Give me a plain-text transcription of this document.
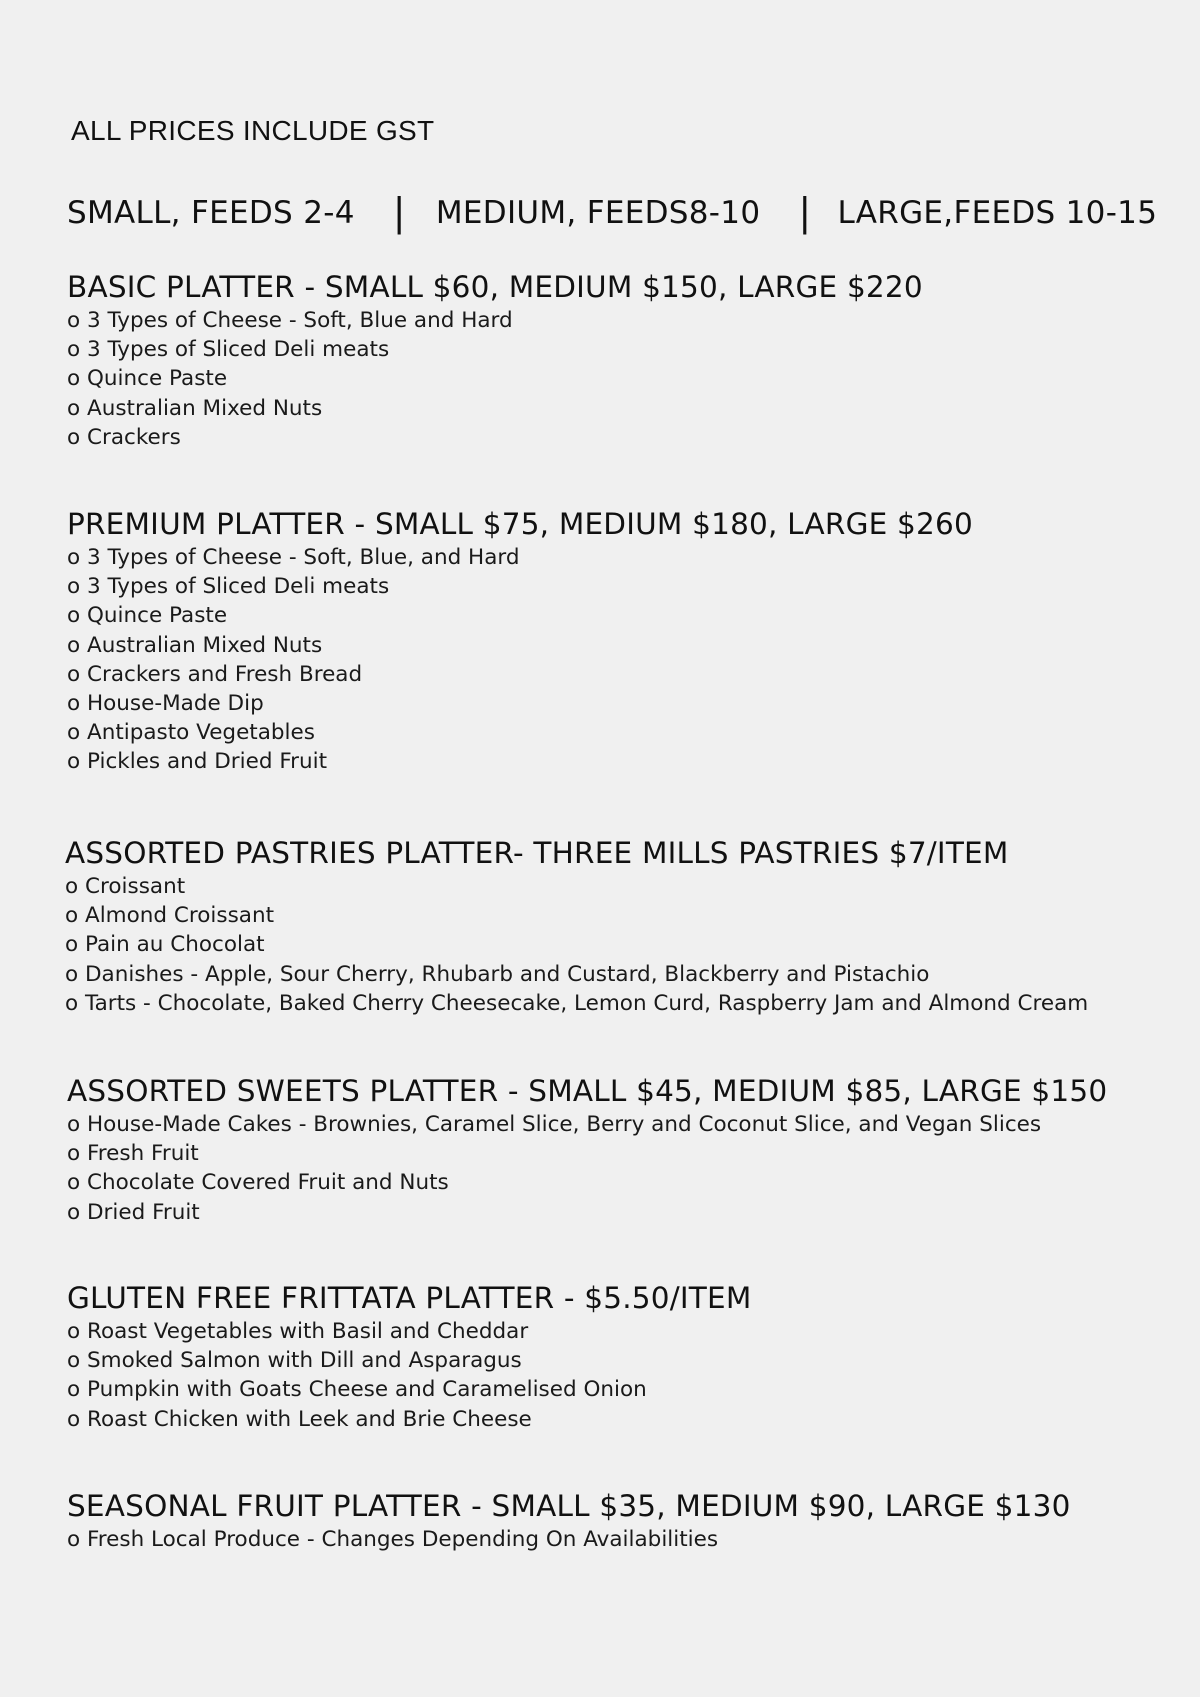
ALL PRICES INCLUDE GST
SMALL, FEEDS 2-4 | MEDIUM, FEEDS8-10 | LARGE,FEEDS 10-15
BASIC PLATTER - SMALL $60, MEDIUM $150, LARGE $220
o 3 Types of Cheese - Soft, Blue and Hard
o 3 Types of Sliced Deli meats
o Quince Paste
o Australian Mixed Nuts
o Crackers
PREMIUM PLATTER - SMALL $75, MEDIUM $180, LARGE $260
o 3 Types of Cheese - Soft, Blue, and Hard
o 3 Types of Sliced Deli meats
o Quince Paste
o Australian Mixed Nuts
o Crackers and Fresh Bread
o House-Made Dip
o Antipasto Vegetables
o Pickles and Dried Fruit
ASSORTED PASTRIES PLATTER- THREE MILLS PASTRIES $7/ITEM
o Croissant
o Almond Croissant
o Pain au Chocolat
o Danishes - Apple, Sour Cherry, Rhubarb and Custard, Blackberry and Pistachio
o Tarts - Chocolate, Baked Cherry Cheesecake, Lemon Curd, Raspberry Jam and Almond Cream
ASSORTED SWEETS PLATTER - SMALL $45, MEDIUM $85, LARGE $150
o House-Made Cakes - Brownies, Caramel Slice, Berry and Coconut Slice, and Vegan Slices
o Fresh Fruit
o Chocolate Covered Fruit and Nuts
o Dried Fruit
GLUTEN FREE FRITTATA PLATTER - $5.50/ITEM
o Roast Vegetables with Basil and Cheddar
o Smoked Salmon with Dill and Asparagus
o Pumpkin with Goats Cheese and Caramelised Onion
o Roast Chicken with Leek and Brie Cheese
SEASONAL FRUIT PLATTER - SMALL $35, MEDIUM $90, LARGE $130
o Fresh Local Produce - Changes Depending On Availabilities
